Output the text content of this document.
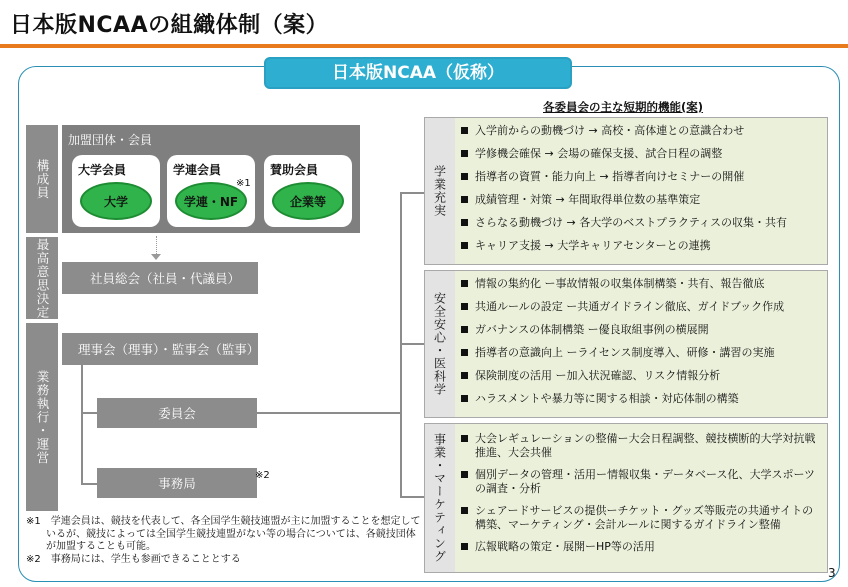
日本版NCAAの組織体制（案）
日本版NCAA（仮称）
構成員
最高意思決定
業務執行・運営
加盟団体・会員
大学会員
大学
学連会員
学連・NF
賛助会員
企業等
※1
社員総会（社員・代議員）
理事会（理事）・監事会（監事）
委員会
事務局
※2
各委員会の主な短期的機能(案)
学業充実
入学前からの動機づけ → 高校・高体連との意識合わせ
学修機会確保 → 会場の確保支援、試合日程の調整
指導者の資質・能力向上 → 指導者向けセミナーの開催
成績管理・対策 → 年間取得単位数の基準策定
さらなる動機づけ → 各大学のベストプラクティスの収集・共有
キャリア支援 → 大学キャリアセンターとの連携
安全安心・医科学
情報の集約化 ー事故情報の収集体制構築・共有、報告徹底
共通ルールの設定 ー共通ガイドライン徹底、ガイドブック作成
ガバナンスの体制構築 ー優良取組事例の横展開
指導者の意識向上 ーライセンス制度導入、研修・講習の実施
保険制度の活用 ー加入状況確認、リスク情報分析
ハラスメントや暴力等に関する相談・対応体制の構築
事業・マーケティング	大会レギュレーションの整備ー大会日程調整、競技横断的大学対抗戦推進、大会共催
個別データの管理・活用ー情報収集・データベース化、大学スポーツの調査・分析
シェアードサービスの提供ーチケット・グッズ等販売の共通サイトの構築、マーケティング・会計ルールに関するガイドライン整備
広報戦略の策定・展開ーHP等の活用

※1　学連会員は、競技を代表して、各全国学生競技連盟が主に加盟することを想定しているが、競技によっては全国学生競技連盟がない等の場合については、各競技団体が加盟することも可能。

※2　事務局には、学生も参画できることとする

3
